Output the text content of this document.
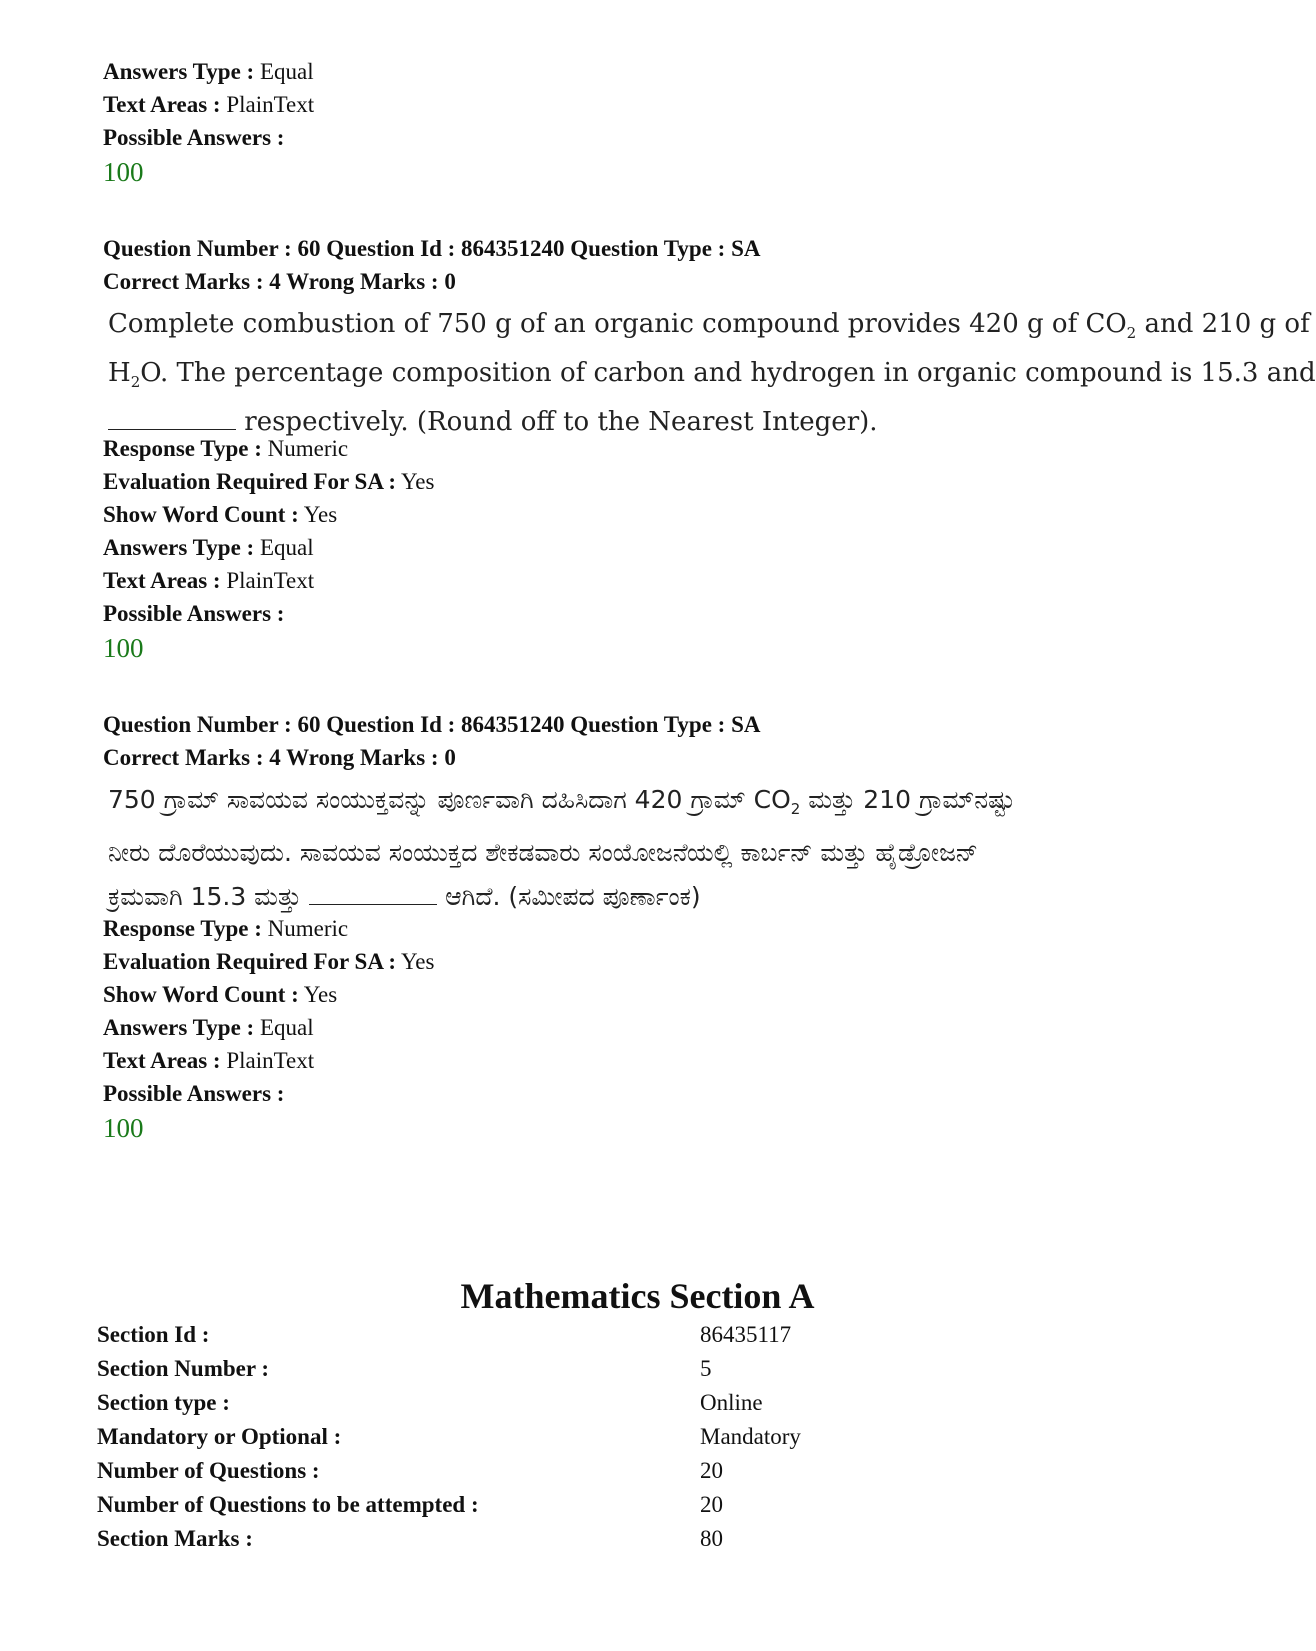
Answers Type : Equal
Text Areas : PlainText
Possible Answers :
100
Question Number : 60 Question Id : 864351240 Question Type : SA
Correct Marks : 4 Wrong Marks : 0
Complete combustion of 750 g of an organic compound provides 420 g of $CO_2$ and 210 g of
$H_2O$. The percentage composition of carbon and hydrogen in organic compound is 15.3 and
respectively. (Round off to the Nearest Integer).
Response Type : Numeric
Evaluation Required For SA : Yes
Show Word Count : Yes
Answers Type : Equal
Text Areas : PlainText
Possible Answers :
100
Question Number : 60 Question Id : 864351240 Question Type : SA
Correct Marks : 4 Wrong Marks : 0
750 ಗ್ರಾಮ್ ಸಾವಯವ ಸಂಯುಕ್ತವನ್ನು ಪೂರ್ಣವಾಗಿ ದಹಿಸಿದಾಗ 420 ಗ್ರಾಮ್ $CO_2$ ಮತ್ತು 210 ಗ್ರಾಮ್‌ನಷ್ಟು
ನೀರು ದೊರೆಯುವುದು. ಸಾವಯವ ಸಂಯುಕ್ತದ ಶೇಕಡವಾರು ಸಂಯೋಜನೆಯಲ್ಲಿ ಕಾರ್ಬನ್ ಮತ್ತು ಹೈಡ್ರೋಜನ್
ಕ್ರಮವಾಗಿ 15.3 ಮತ್ತು	ಆಗಿದೆ. (ಸಮೀಪದ ಪೂರ್ಣಾಂಕ)
Response Type : Numeric
Evaluation Required For SA : Yes
Show Word Count : Yes
Answers Type : Equal
Text Areas : PlainText
Possible Answers :
100
Mathematics Section A
Section Id :	86435117
Section Number :	5
Section type :	Online
Mandatory or Optional :	Mandatory
Number of Questions :	20
Number of Questions to be attempted :	20
Section Marks :	80
